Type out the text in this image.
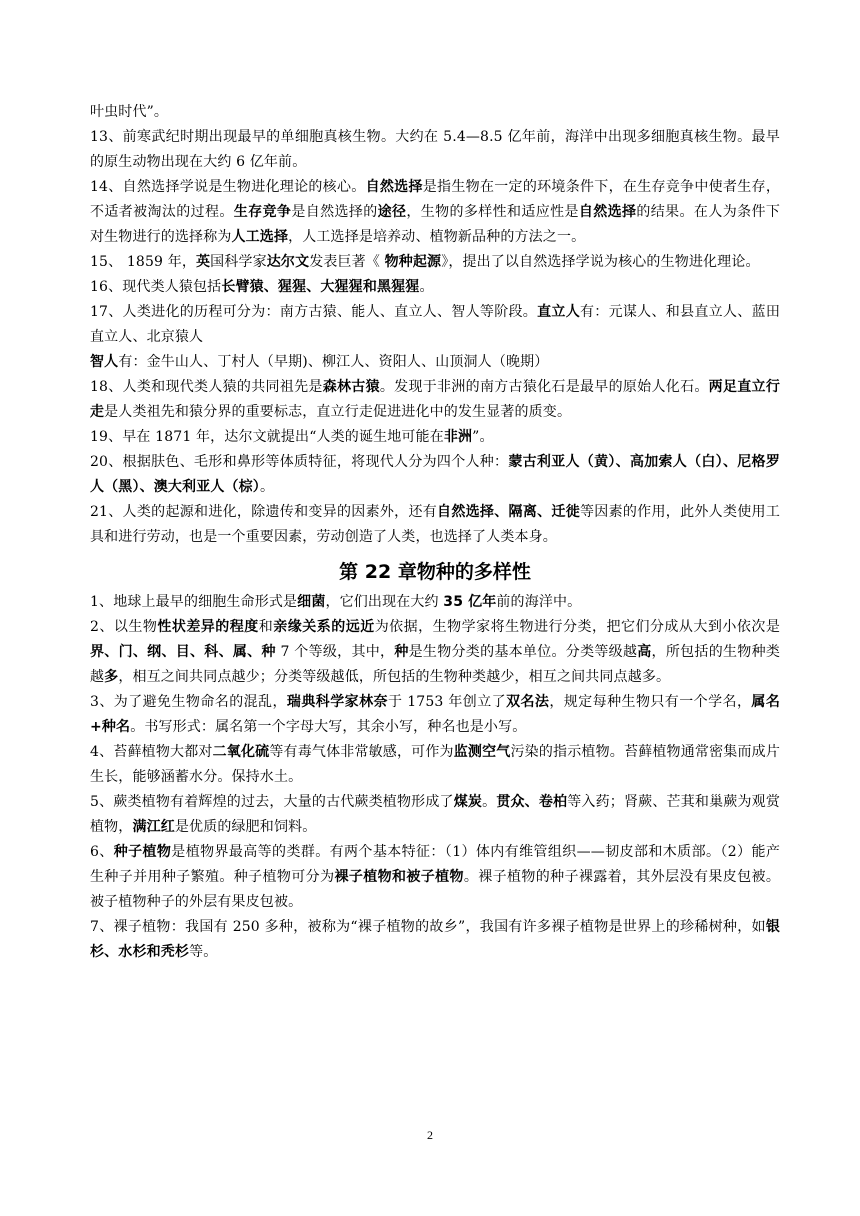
叶虫时代”。

13、前寒武纪时期出现最早的单细胞真核生物。大约在 5.4—8.5 亿年前，海洋中出现多细胞真核生物。最早的原生动物出现在大约 6 亿年前。

14、自然选择学说是生物进化理论的核心。自然选择是指生物在一定的环境条件下，在生存竞争中使者生存，不适者被淘汰的过程。生存竞争是自然选择的途径，生物的多样性和适应性是自然选择的结果。在人为条件下对生物进行的选择称为人工选择，人工选择是培养动、植物新品种的方法之一。

15、 1859 年，英国科学家达尔文发表巨著《 物种起源》，提出了以自然选择学说为核心的生物进化理论。

16、现代类人猿包括长臂猿、猩猩、大猩猩和黑猩猩。

17、人类进化的历程可分为：南方古猿、能人、直立人、智人等阶段。直立人有：元谋人、和县直立人、蓝田直立人、北京猿人

智人有：金牛山人、丁村人（早期)、柳江人、资阳人、山顶洞人（晚期）

18、人类和现代类人猿的共同祖先是森林古猿。发现于非洲的南方古猿化石是最早的原始人化石。两足直立行走是人类祖先和猿分界的重要标志，直立行走促进进化中的发生显著的质变。

19、早在 1871 年，达尔文就提出“人类的诞生地可能在非洲”。

20、根据肤色、毛形和鼻形等体质特征，将现代人分为四个人种：蒙古利亚人（黄）、高加索人（白）、尼格罗人（黑）、澳大利亚人（棕）。

21、人类的起源和进化，除遗传和变异的因素外，还有自然选择、隔离、迁徙等因素的作用，此外人类使用工具和进行劳动，也是一个重要因素，劳动创造了人类，也选择了人类本身。

第 22 章物种的多样性

1、地球上最早的细胞生命形式是细菌，它们出现在大约 35 亿年前的海洋中。

2、以生物性状差异的程度和亲缘关系的远近为依据，生物学家将生物进行分类，把它们分成从大到小依次是界、门、纲、目、科、属、种 7 个等级，其中，种是生物分类的基本单位。分类等级越高，所包括的生物种类越多，相互之间共同点越少；分类等级越低，所包括的生物种类越少，相互之间共同点越多。

3、为了避免生物命名的混乱，瑞典科学家林奈于 1753 年创立了双名法，规定每种生物只有一个学名，属名+种名。书写形式：属名第一个字母大写，其余小写，种名也是小写。

4、苔藓植物大都对二氧化硫等有毒气体非常敏感，可作为监测空气污染的指示植物。苔藓植物通常密集而成片生长，能够涵蓄水分。保持水土。

5、蕨类植物有着辉煌的过去，大量的古代蕨类植物形成了煤炭。贯众、卷柏等入药；肾蕨、芒萁和巢蕨为观赏植物，满江红是优质的绿肥和饲料。

6、种子植物是植物界最高等的类群。有两个基本特征：（1）体内有维管组织——韧皮部和木质部。（2）能产生种子并用种子繁殖。种子植物可分为裸子植物和被子植物。裸子植物的种子裸露着，其外层没有果皮包被。被子植物种子的外层有果皮包被。

7、裸子植物：我国有 250 多种，被称为“裸子植物的故乡”，我国有许多裸子植物是世界上的珍稀树种，如银杉、水杉和秃杉等。

2
